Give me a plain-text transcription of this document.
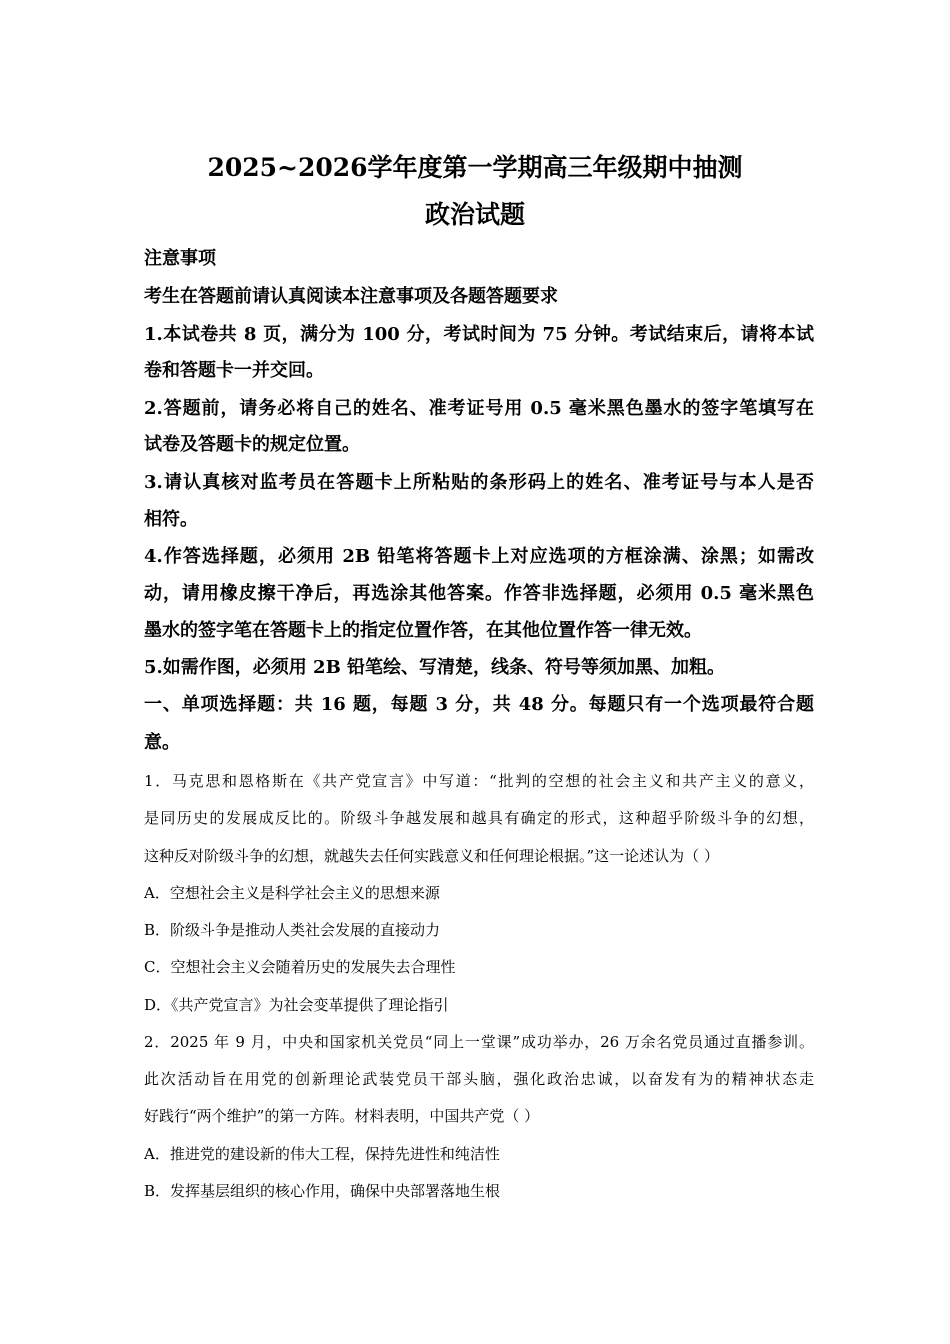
2025~2026学年度第一学期高三年级期中抽测
政治试题
注意事项
考生在答题前请认真阅读本注意事项及各题答题要求
1.本试卷共 8 页，满分为 100 分，考试时间为 75 分钟。考试结束后，请将本试
卷和答题卡一并交回。
2.答题前，请务必将自己的姓名、准考证号用 0.5 毫米黑色墨水的签字笔填写在
试卷及答题卡的规定位置。
3.请认真核对监考员在答题卡上所粘贴的条形码上的姓名、准考证号与本人是否
相符。
4.作答选择题，必须用 2B 铅笔将答题卡上对应选项的方框涂满、涂黑；如需改
动，请用橡皮擦干净后，再选涂其他答案。作答非选择题，必须用 0.5 毫米黑色
墨水的签字笔在答题卡上的指定位置作答，在其他位置作答一律无效。
5.如需作图，必须用 2B 铅笔绘、写清楚，线条、符号等须加黑、加粗。
一、单项选择题：共 16 题，每题 3 分，共 48 分。每题只有一个选项最符合题
意。
1．马克思和恩格斯在《共产党宣言》中写道：“批判的空想的社会主义和共产主义的意义，
是同历史的发展成反比的。阶级斗争越发展和越具有确定的形式，这种超乎阶级斗争的幻想，
这种反对阶级斗争的幻想，就越失去任何实践意义和任何理论根据。”这一论述认为（ ）
A．空想社会主义是科学社会主义的思想来源
B．阶级斗争是推动人类社会发展的直接动力
C．空想社会主义会随着历史的发展失去合理性
D．《共产党宣言》为社会变革提供了理论指引
2．2025 年 9 月，中央和国家机关党员“同上一堂课”成功举办，26 万余名党员通过直播参训。
此次活动旨在用党的创新理论武装党员干部头脑，强化政治忠诚，以奋发有为的精神状态走
好践行“两个维护”的第一方阵。材料表明，中国共产党（ ）
A．推进党的建设新的伟大工程，保持先进性和纯洁性
B．发挥基层组织的核心作用，确保中央部署落地生根
